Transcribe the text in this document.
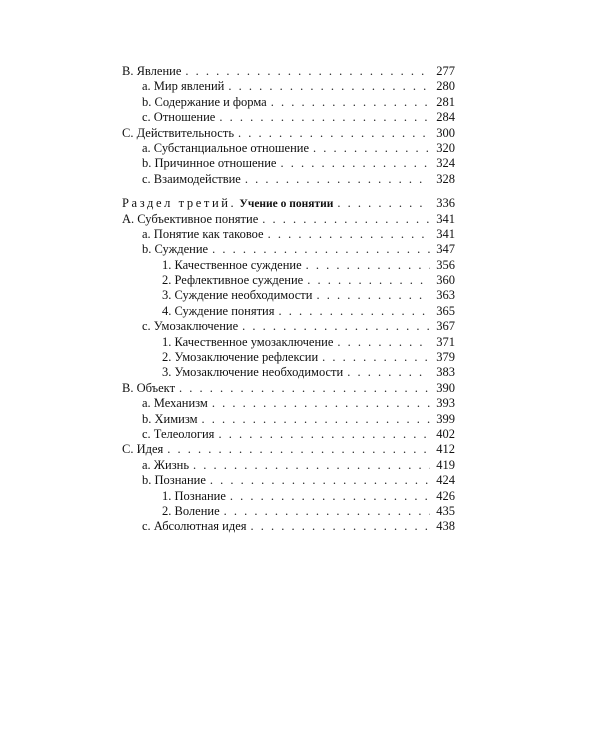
B. Явление . . .	277
a. Мир явлений . . .	280
b. Содержание и форма . . .	281
c. Отношение . . .	284
C. Действительность . . .	300
a. Субстанциальное отношение . . .	320
b. Причинное отношение . . .	324
c. Взаимодействие . . .	328
Раздел третий. Учение о понятии . . .	336
A. Субъективное понятие . . .	341
a. Понятие как таковое . . .	341
b. Суждение . . .	347
1. Качественное суждение . . .	356
2. Рефлективное суждение . . .	360
3. Суждение необходимости . . .	363
4. Суждение понятия . . .	365
c. Умозаключение . . .	367
1. Качественное умозаключение . . .	371
2. Умозаключение рефлексии . . .	379
3. Умозаключение необходимости . . .	383
B. Объект . . .	390
a. Механизм . . .	393
b. Химизм . . .	399
c. Телеология . . .	402
C. Идея . . .	412
a. Жизнь . . .	419
b. Познание . . .	424
1. Познание . . .	426
2. Воление . . .	435
c. Абсолютная идея . . .	438
